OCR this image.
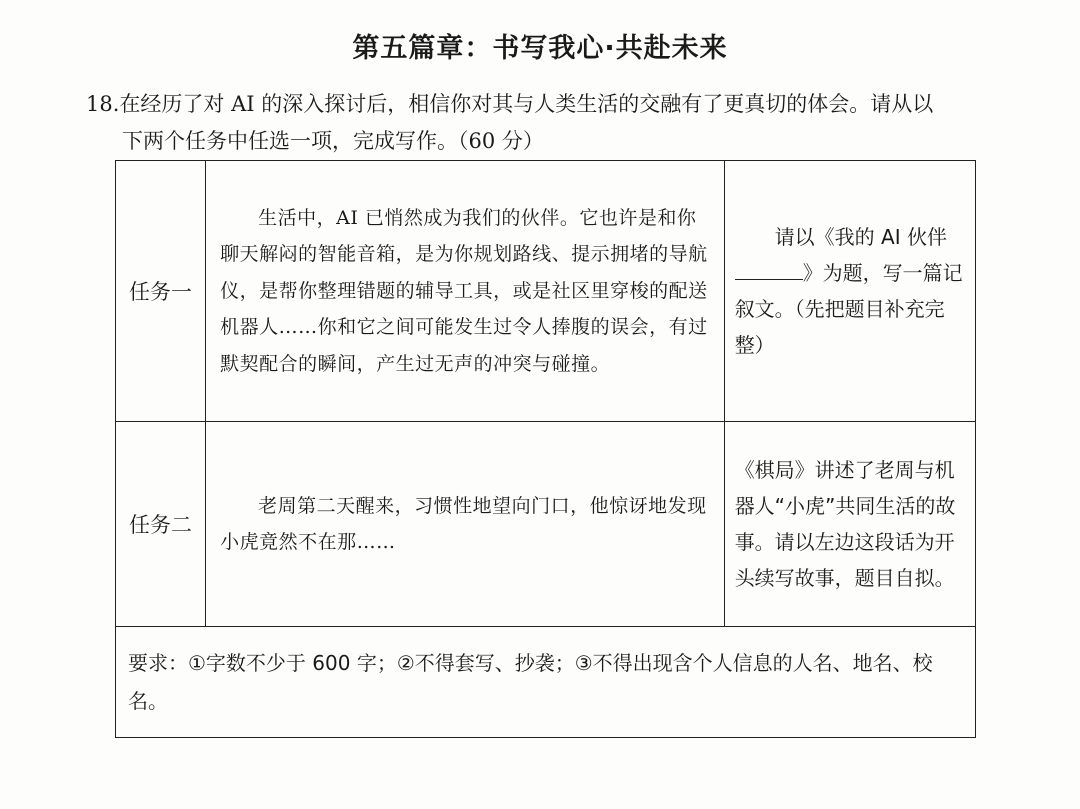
第五篇章：书写我心·共赴未来
18.在经历了对 AI 的深入探讨后，相信你对其与人类生活的交融有了更真切的体会。请从以
下两个任务中任选一项，完成写作。（60 分）
任务一	生活中，AI 已悄然成为我们的伙伴。它也许是和你聊天解闷的智能音箱，是为你规划路线、提示拥堵的导航仪，是帮你整理错题的辅导工具，或是社区里穿梭的配送机器人……你和它之间可能发生过令人捧腹的误会，有过默契配合的瞬间，产生过无声的冲突与碰撞。	请以《我的 AI 伙伴》为题，写一篇记叙文。（先把题目补充完整）
任务二	老周第二天醒来，习惯性地望向门口，他惊讶地发现小虎竟然不在那……	《棋局》讲述了老周与机器人“小虎”共同生活的故事。请以左边这段话为开头续写故事，题目自拟。
要求：①字数不少于 600 字；②不得套写、抄袭；③不得出现含个人信息的人名、地名、校名。		
